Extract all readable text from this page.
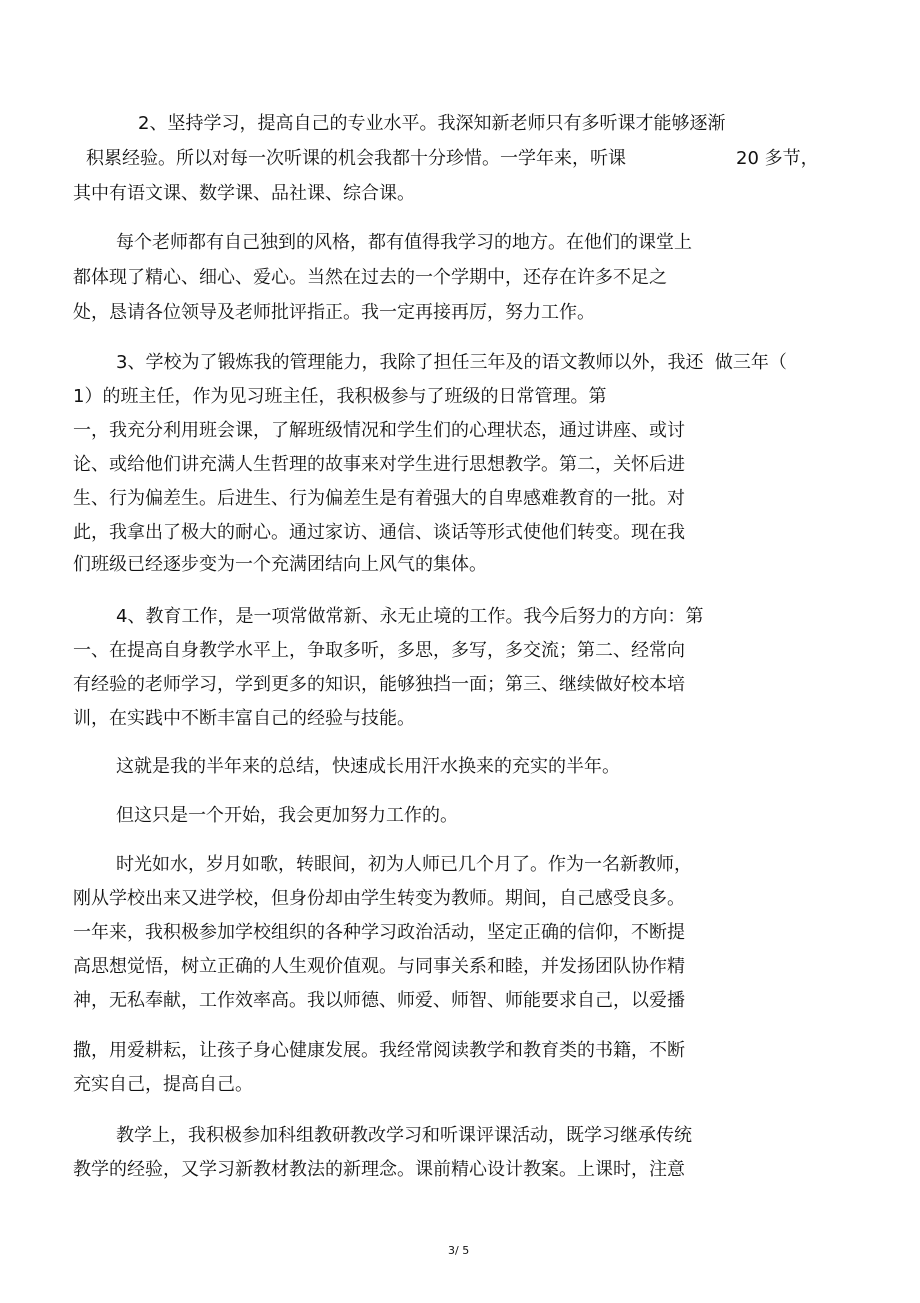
2、坚持学习，提高自己的专业水平。我深知新老师只有多听课才能够逐渐
积累经验。所以对每一次听课的机会我都十分珍惜。一学年来，听课	20 多节，
其中有语文课、数学课、品社课、综合课。
每个老师都有自己独到的风格，都有值得我学习的地方。在他们的课堂上
都体现了精心、细心、爱心。当然在过去的一个学期中，还存在许多不足之
处，恳请各位领导及老师批评指正。我一定再接再厉，努力工作。
3、学校为了锻炼我的管理能力，我除了担任三年及的语文教师以外，我还  做三年（
1）的班主任，作为见习班主任，我积极参与了班级的日常管理。第
一，我充分利用班会课，了解班级情况和学生们的心理状态，通过讲座、或讨
论、或给他们讲充满人生哲理的故事来对学生进行思想教学。第二，关怀后进
生、行为偏差生。后进生、行为偏差生是有着强大的自卑感难教育的一批。对
此，我拿出了极大的耐心。通过家访、通信、谈话等形式使他们转变。现在我
们班级已经逐步变为一个充满团结向上风气的集体。
4、教育工作，是一项常做常新、永无止境的工作。我今后努力的方向：第
一、在提高自身教学水平上，争取多听，多思，多写，多交流；第二、经常向
有经验的老师学习，学到更多的知识，能够独挡一面；第三、继续做好校本培
训，在实践中不断丰富自己的经验与技能。
这就是我的半年来的总结，快速成长用汗水换来的充实的半年。
但这只是一个开始，我会更加努力工作的。
时光如水，岁月如歌，转眼间，初为人师已几个月了。作为一名新教师，
刚从学校出来又进学校，但身份却由学生转变为教师。期间，自己感受良多。
一年来，我积极参加学校组织的各种学习政治活动，坚定正确的信仰，不断提
高思想觉悟，树立正确的人生观价值观。与同事关系和睦，并发扬团队协作精
神，无私奉献，工作效率高。我以师德、师爱、师智、师能要求自己，以爱播
撒，用爱耕耘，让孩子身心健康发展。我经常阅读教学和教育类的书籍，不断
充实自己，提高自己。
教学上，我积极参加科组教研教改学习和听课评课活动，既学习继承传统
教学的经验，又学习新教材教法的新理念。课前精心设计教案。上课时，注意
3/ 5
